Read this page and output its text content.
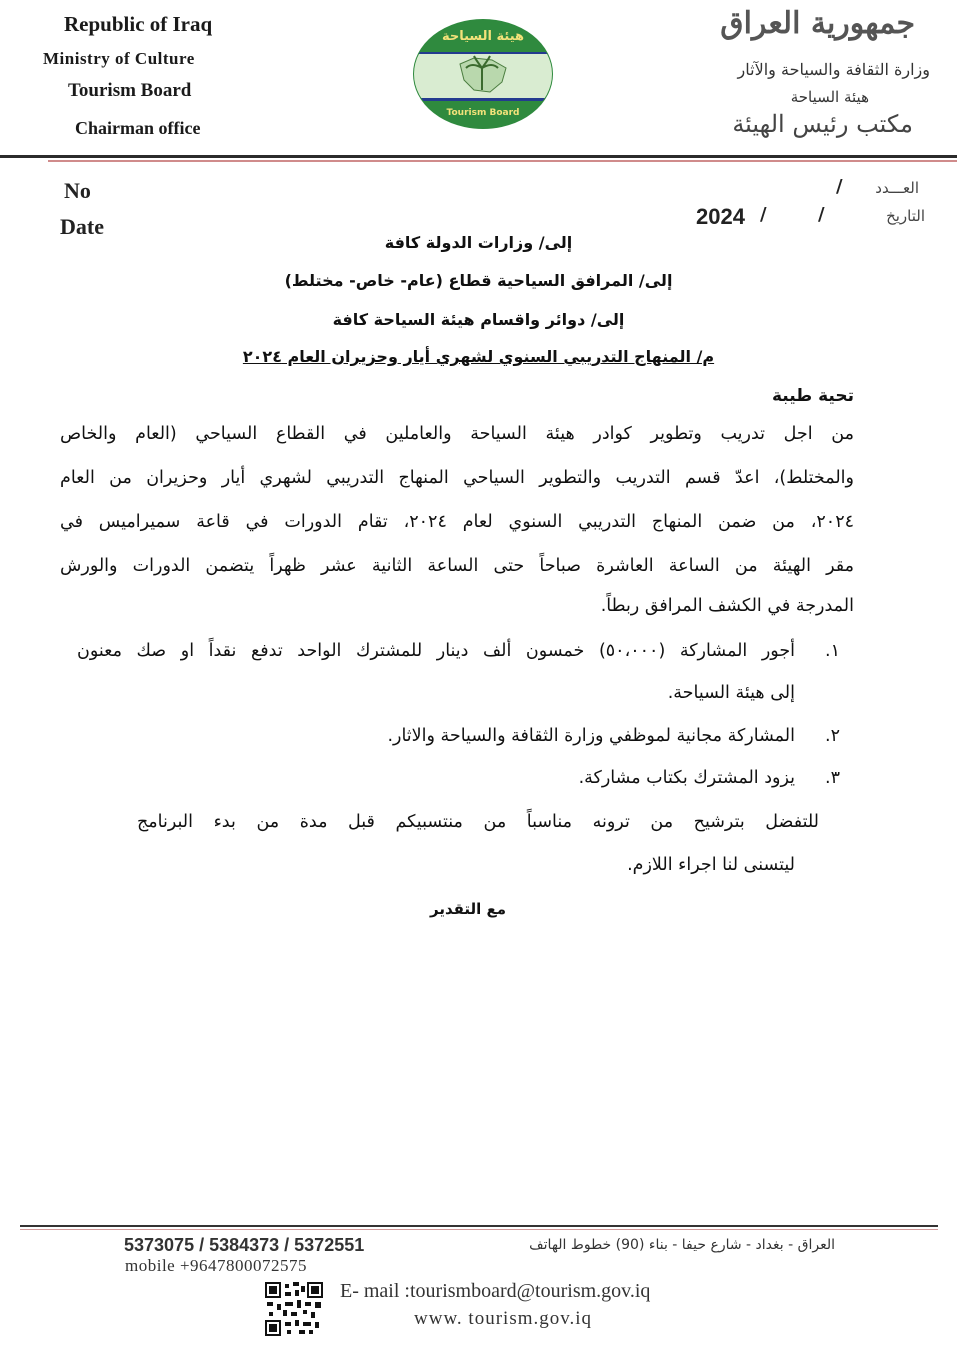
Republic of Iraq
Ministry of Culture
Tourism Board
Chairman office
هيئة السياحة
Tourism Board
جمهورية العراق
وزارة الثقافة والسياحة والآثار
هيئة السياحة
مكتب رئيس الهيئة
No
Date
العـــدد
التاريخ
/
/
/
2024
إلى/ وزارات الدولة كافة
إلى/ المرافق السياحية قطاع (عام- خاص- مختلط)
إلى/ دوائر واقسام هيئة السياحة كافة
م/ المنهاج التدريبي السنوي لشهري أيار وحزيران العام ٢٠٢٤
تحية طيبة
من اجل تدريب وتطوير كوادر هيئة السياحة والعاملين في القطاع السياحي (العام والخاص
والمختلط)، اعدّ قسم التدريب والتطوير السياحي المنهاج التدريبي لشهري أيار وحزيران من العام
٢٠٢٤، من ضمن المنهاج التدريبي السنوي لعام ٢٠٢٤، تقام الدورات في قاعة سميراميس في
مقر الهيئة من الساعة العاشرة صباحاً حتى الساعة الثانية عشر ظهراً يتضمن الدورات والورش
المدرجة في الكشف المرافق ربطاً.
١.
أجور المشاركة (٥٠،٠٠٠) خمسون ألف دينار للمشترك الواحد تدفع نقداً او صك معنون
إلى هيئة السياحة.
٢.
المشاركة مجانية لموظفي وزارة الثقافة والسياحة والاثار.
٣.
يزود المشترك بكتاب مشاركة.
للتفضل بترشيح من ترونه مناسباً من منتسبيكم قبل مدة من بدء البرنامج
ليتسنى لنا اجراء اللازم.
مع التقدير
5373075 / 5384373 / 5372551	العراق - بغداد - شارع حيفا - بناء (90) خطوط الهاتف
mobile +9647800072575
E- mail :tourismboard@tourism.gov.iq
www. tourism.gov.iq
